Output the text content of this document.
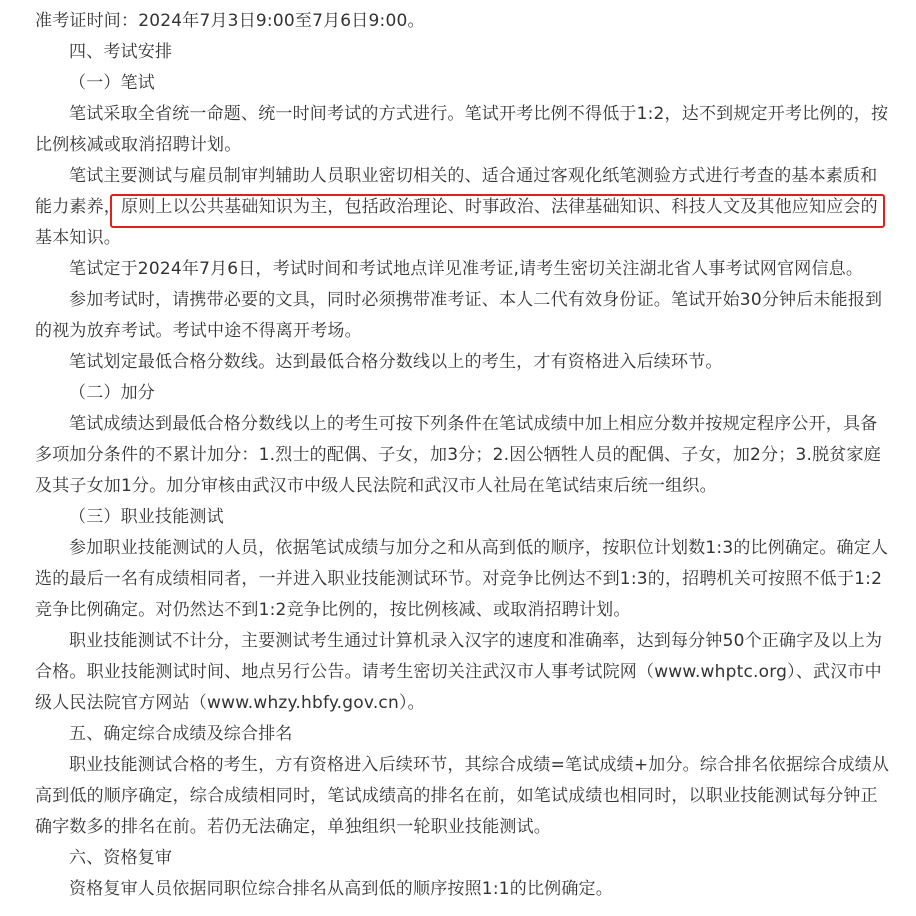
准考证时间：2024年7月3日9:00至7月6日9:00。

四、考试安排

（一）笔试

笔试采取全省统一命题、统一时间考试的方式进行。笔试开考比例不得低于1:2，达不到规定开考比例的，按比例核减或取消招聘计划。

笔试主要测试与雇员制审判辅助人员职业密切相关的、适合通过客观化纸笔测验方式进行考查的基本素质和能力素养，原则上以公共基础知识为主，包括政治理论、时事政治、法律基础知识、科技人文及其他应知应会的基本知识。

笔试定于2024年7月6日，考试时间和考试地点详见准考证,请考生密切关注湖北省人事考试网官网信息。

参加考试时，请携带必要的文具，同时必须携带准考证、本人二代有效身份证。笔试开始30分钟后未能报到的视为放弃考试。考试中途不得离开考场。

笔试划定最低合格分数线。达到最低合格分数线以上的考生，才有资格进入后续环节。

（二）加分

笔试成绩达到最低合格分数线以上的考生可按下列条件在笔试成绩中加上相应分数并按规定程序公开，具备多项加分条件的不累计加分：1.烈士的配偶、子女，加3分；2.因公牺牲人员的配偶、子女，加2分；3.脱贫家庭及其子女加1分。加分审核由武汉市中级人民法院和武汉市人社局在笔试结束后统一组织。

（三）职业技能测试

参加职业技能测试的人员，依据笔试成绩与加分之和从高到低的顺序，按职位计划数1:3的比例确定。确定人选的最后一名有成绩相同者，一并进入职业技能测试环节。对竞争比例达不到1:3的，招聘机关可按照不低于1:2竞争比例确定。对仍然达不到1:2竞争比例的，按比例核减、或取消招聘计划。

职业技能测试不计分，主要测试考生通过计算机录入汉字的速度和准确率，达到每分钟50个正确字及以上为合格。职业技能测试时间、地点另行公告。请考生密切关注武汉市人事考试院网（www.whptc.org）、武汉市中级人民法院官方网站（www.whzy.hbfy.gov.cn）。

五、确定综合成绩及综合排名

职业技能测试合格的考生，方有资格进入后续环节，其综合成绩=笔试成绩+加分。综合排名依据综合成绩从高到低的顺序确定，综合成绩相同时，笔试成绩高的排名在前，如笔试成绩也相同时，以职业技能测试每分钟正确字数多的排名在前。若仍无法确定，单独组织一轮职业技能测试。

六、资格复审

资格复审人员依据同职位综合排名从高到低的顺序按照1:1的比例确定。
